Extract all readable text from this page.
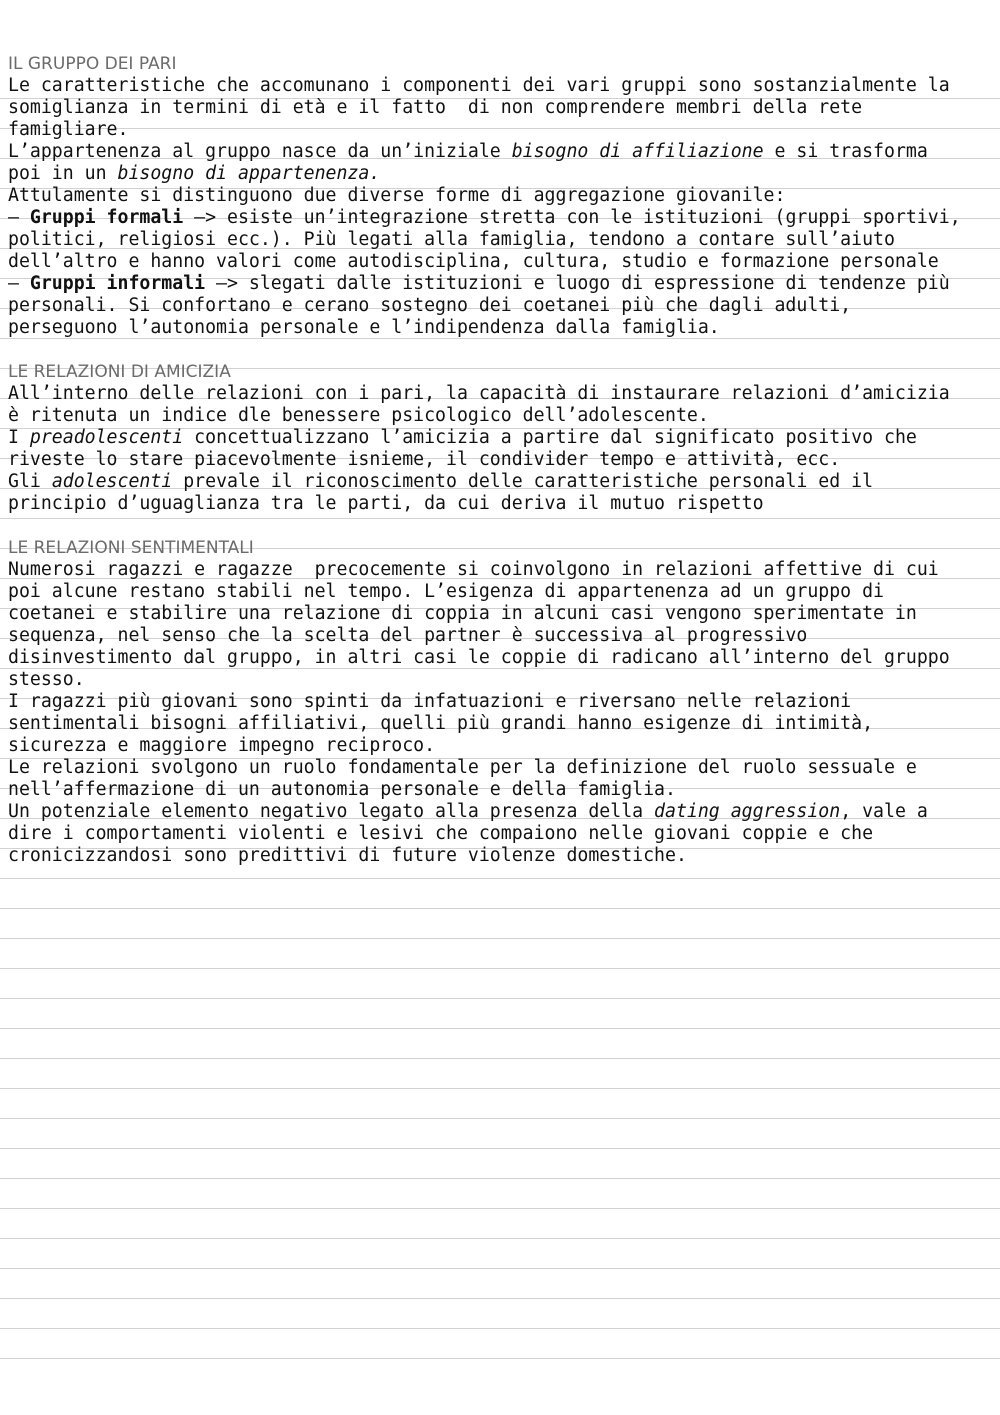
IL GRUPPO DEI PARI
Le caratteristiche che accomunano i componenti dei vari gruppi sono sostanzialmente la
somiglianza in termini di età e il fatto  di non comprendere membri della rete
famigliare.
L’appartenenza al gruppo nasce da un’iniziale bisogno di affiliazione e si trasforma
poi in un bisogno di appartenenza.
Attulamente si distinguono due diverse forme di aggregazione giovanile:
– Gruppi formali –> esiste un’integrazione stretta con le istituzioni (gruppi sportivi,
politici, religiosi ecc.). Più legati alla famiglia, tendono a contare sull’aiuto
dell’altro e hanno valori come autodisciplina, cultura, studio e formazione personale
– Gruppi informali –> slegati dalle istituzioni e luogo di espressione di tendenze più
personali. Si confortano e cerano sostegno dei coetanei più che dagli adulti,
perseguono l’autonomia personale e l’indipendenza dalla famiglia.
LE RELAZIONI DI AMICIZIA
All’interno delle relazioni con i pari, la capacità di instaurare relazioni d’amicizia
è ritenuta un indice dle benessere psicologico dell’adolescente.
I preadolescenti concettualizzano l’amicizia a partire dal significato positivo che
riveste lo stare piacevolmente isnieme, il condivider tempo e attività, ecc.
Gli adolescenti prevale il riconoscimento delle caratteristiche personali ed il
principio d’uguaglianza tra le parti, da cui deriva il mutuo rispetto
LE RELAZIONI SENTIMENTALI
Numerosi ragazzi e ragazze  precocemente si coinvolgono in relazioni affettive di cui
poi alcune restano stabili nel tempo. L’esigenza di appartenenza ad un gruppo di
coetanei e stabilire una relazione di coppia in alcuni casi vengono sperimentate in
sequenza, nel senso che la scelta del partner è successiva al progressivo
disinvestimento dal gruppo, in altri casi le coppie di radicano all’interno del gruppo
stesso.
I ragazzi più giovani sono spinti da infatuazioni e riversano nelle relazioni
sentimentali bisogni affiliativi, quelli più grandi hanno esigenze di intimità,
sicurezza e maggiore impegno reciproco.
Le relazioni svolgono un ruolo fondamentale per la definizione del ruolo sessuale e
nell’affermazione di un autonomia personale e della famiglia.
Un potenziale elemento negativo legato alla presenza della dating aggression, vale a
dire i comportamenti violenti e lesivi che compaiono nelle giovani coppie e che
cronicizzandosi sono predittivi di future violenze domestiche.
